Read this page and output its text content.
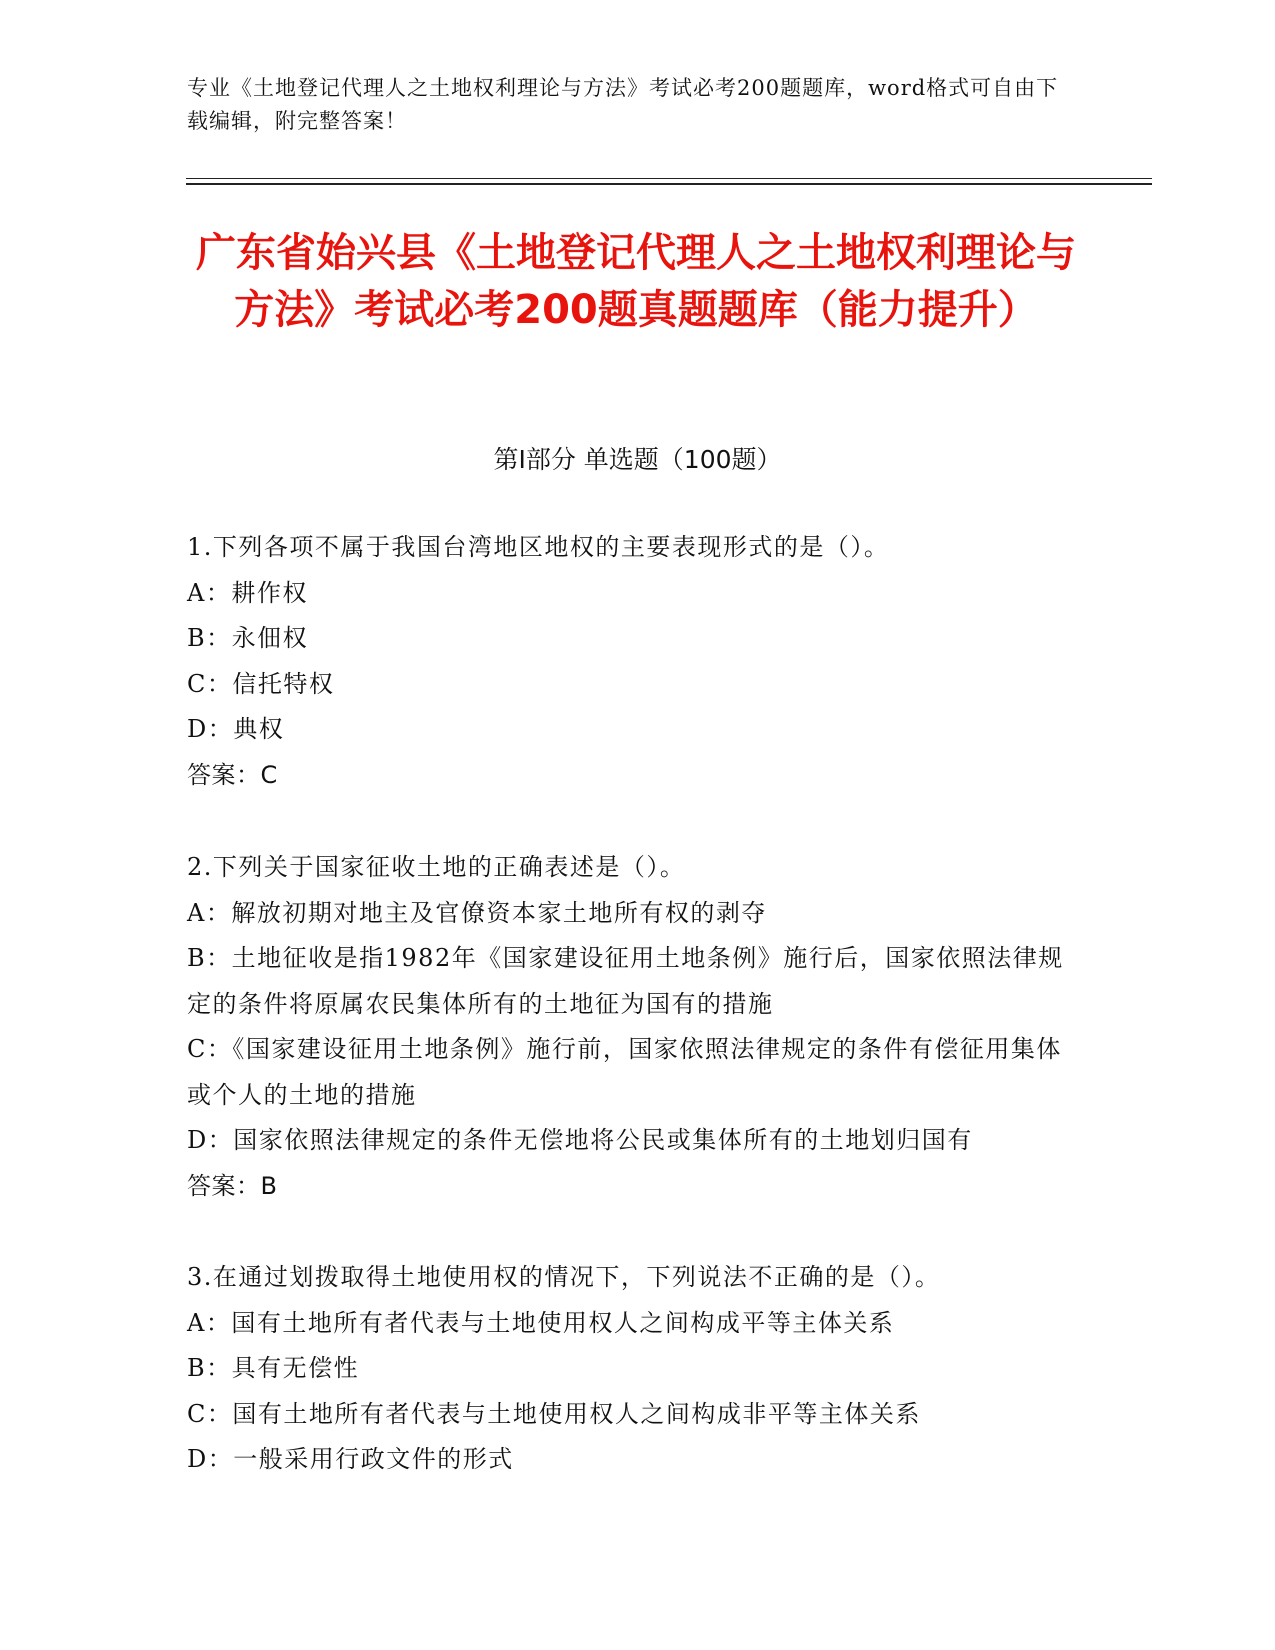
专业《土地登记代理人之土地权利理论与方法》考试必考200题题库，word格式可自由下载编辑，附完整答案！
广东省始兴县《土地登记代理人之土地权利理论与方法》考试必考200题真题题库（能力提升）
第Ⅰ部分 单选题（100题）
1.下列各项不属于我国台湾地区地权的主要表现形式的是（）。
A：耕作权
B：永佃权
C：信托特权
D：典权
答案：C
2.下列关于国家征收土地的正确表述是（）。
A：解放初期对地主及官僚资本家土地所有权的剥夺
B：土地征收是指1982年《国家建设征用土地条例》施行后，国家依照法律规定的条件将原属农民集体所有的土地征为国有的措施
C：《国家建设征用土地条例》施行前，国家依照法律规定的条件有偿征用集体或个人的土地的措施
D：国家依照法律规定的条件无偿地将公民或集体所有的土地划归国有
答案：B
3.在通过划拨取得土地使用权的情况下，下列说法不正确的是（）。
A：国有土地所有者代表与土地使用权人之间构成平等主体关系
B：具有无偿性
C：国有土地所有者代表与土地使用权人之间构成非平等主体关系
D：一般采用行政文件的形式
